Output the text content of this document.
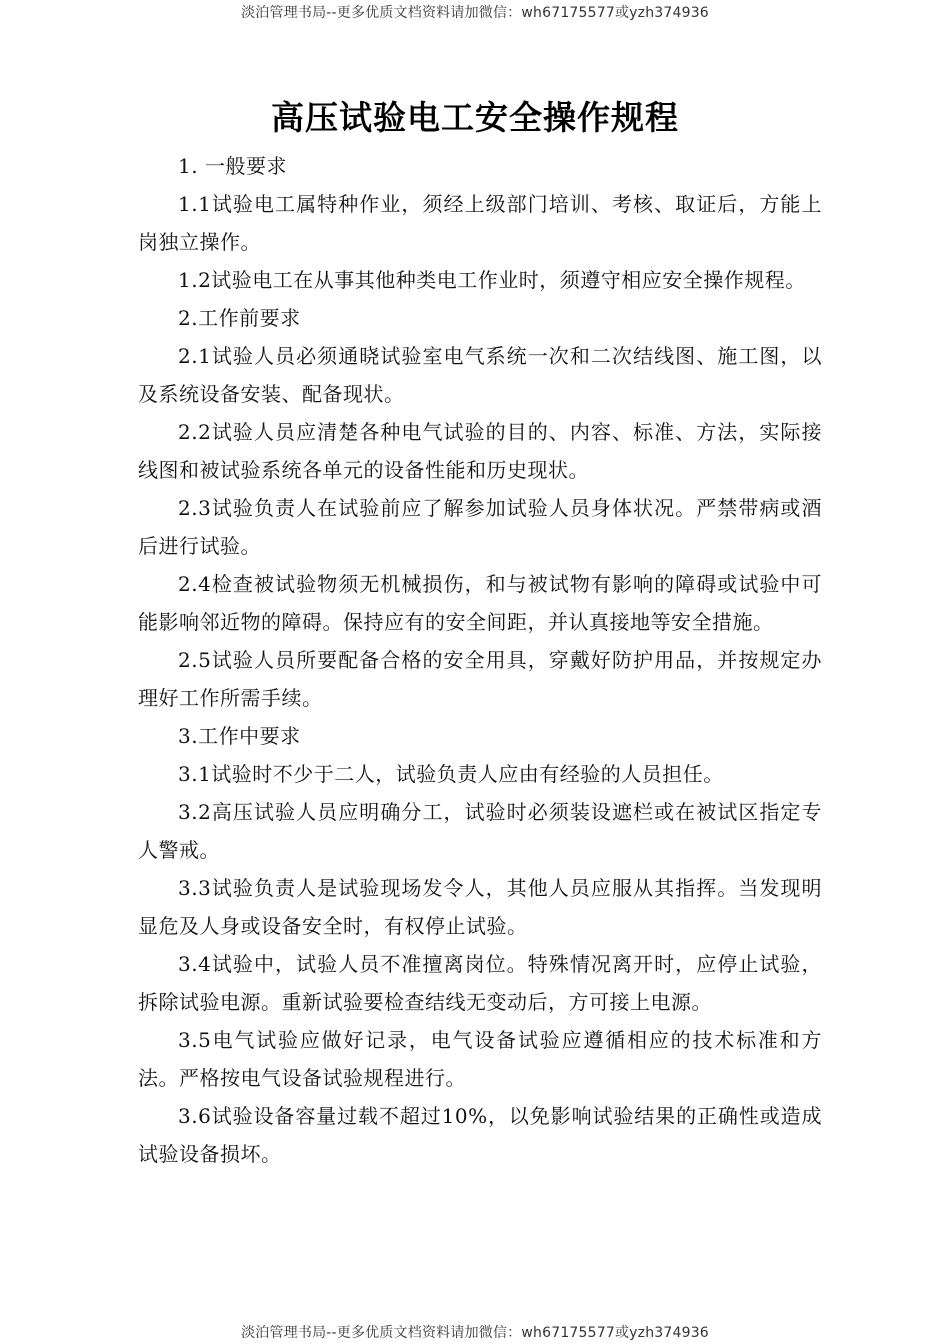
淡泊管理书局--更多优质文档资料请加微信：wh67175577或yzh374936
高压试验电工安全操作规程

1. 一般要求

1.1试验电工属特种作业，须经上级部门培训、考核、取证后，方能上岗独立操作。

1.2试验电工在从事其他种类电工作业时，须遵守相应安全操作规程。

2.工作前要求

2.1试验人员必须通晓试验室电气系统一次和二次结线图、施工图，以及系统设备安装、配备现状。

2.2试验人员应清楚各种电气试验的目的、内容、标准、方法，实际接线图和被试验系统各单元的设备性能和历史现状。

2.3试验负责人在试验前应了解参加试验人员身体状况。严禁带病或酒后进行试验。

2.4检查被试验物须无机械损伤，和与被试物有影响的障碍或试验中可能影响邻近物的障碍。保持应有的安全间距，并认真接地等安全措施。

2.5试验人员所要配备合格的安全用具，穿戴好防护用品，并按规定办理好工作所需手续。

3.工作中要求

3.1试验时不少于二人，试验负责人应由有经验的人员担任。

3.2高压试验人员应明确分工，试验时必须装设遮栏或在被试区指定专人警戒。

3.3试验负责人是试验现场发令人，其他人员应服从其指挥。当发现明显危及人身或设备安全时，有权停止试验。

3.4试验中，试验人员不准擅离岗位。特殊情况离开时，应停止试验，拆除试验电源。重新试验要检查结线无变动后，方可接上电源。

3.5电气试验应做好记录，电气设备试验应遵循相应的技术标准和方法。严格按电气设备试验规程进行。

3.6试验设备容量过载不超过10%，以免影响试验结果的正确性或造成试验设备损坏。

淡泊管理书局--更多优质文档资料请加微信：wh67175577或yzh374936
